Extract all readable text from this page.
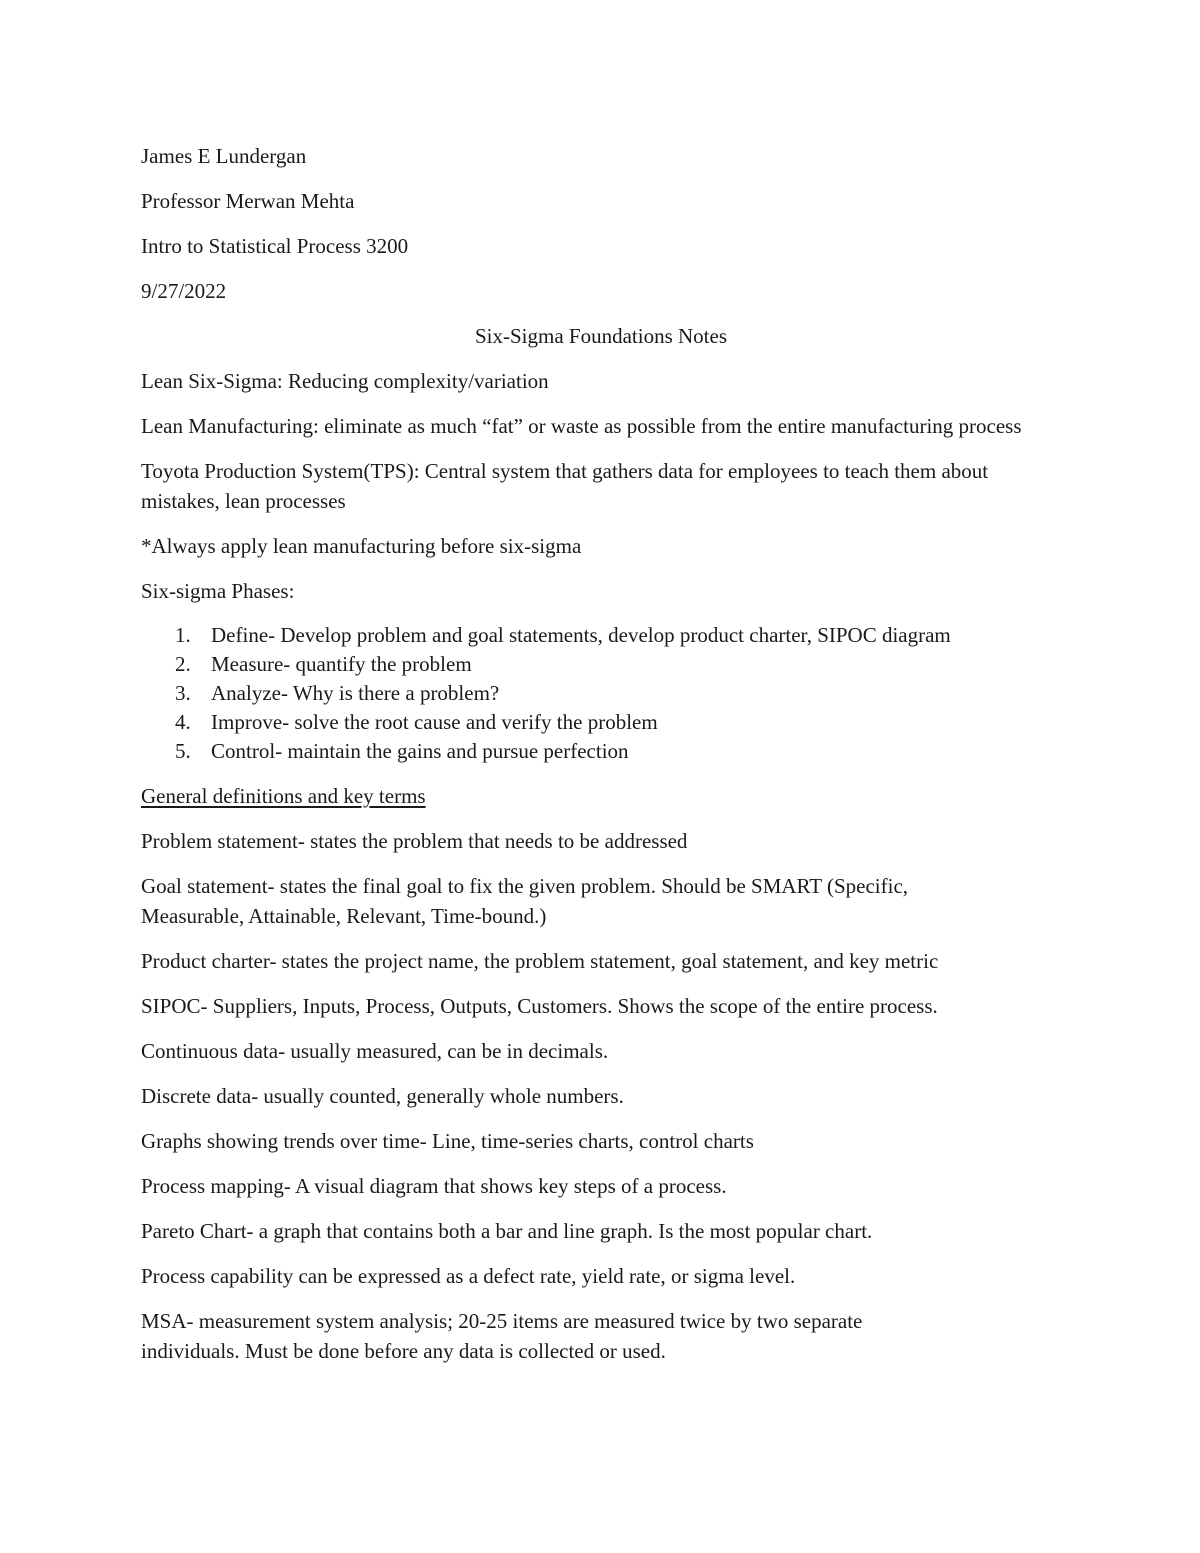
James E Lundergan

Professor Merwan Mehta

Intro to Statistical Process 3200

9/27/2022

Six-Sigma Foundations Notes

Lean Six-Sigma: Reducing complexity/variation

Lean Manufacturing: eliminate as much “fat” or waste as possible from the entire manufacturing process

Toyota Production System(TPS): Central system that gathers data for employees to teach them about mistakes, lean processes

*Always apply lean manufacturing before six-sigma

Six-sigma Phases:

1. Define- Develop problem and goal statements, develop product charter, SIPOC diagram
2. Measure- quantify the problem
3. Analyze- Why is there a problem?
4. Improve- solve the root cause and verify the problem
5. Control- maintain the gains and pursue perfection

General definitions and key terms

Problem statement- states the problem that needs to be addressed

Goal statement- states the final goal to fix the given problem. Should be SMART (Specific, Measurable, Attainable, Relevant, Time-bound.)

Product charter- states the project name, the problem statement, goal statement, and key metric

SIPOC- Suppliers, Inputs, Process, Outputs, Customers. Shows the scope of the entire process.

Continuous data- usually measured, can be in decimals.

Discrete data- usually counted, generally whole numbers.

Graphs showing trends over time- Line, time-series charts, control charts

Process mapping- A visual diagram that shows key steps of a process.

Pareto Chart- a graph that contains both a bar and line graph. Is the most popular chart.

Process capability can be expressed as a defect rate, yield rate, or sigma level.

MSA- measurement system analysis; 20-25 items are measured twice by two separate individuals. Must be done before any data is collected or used.
